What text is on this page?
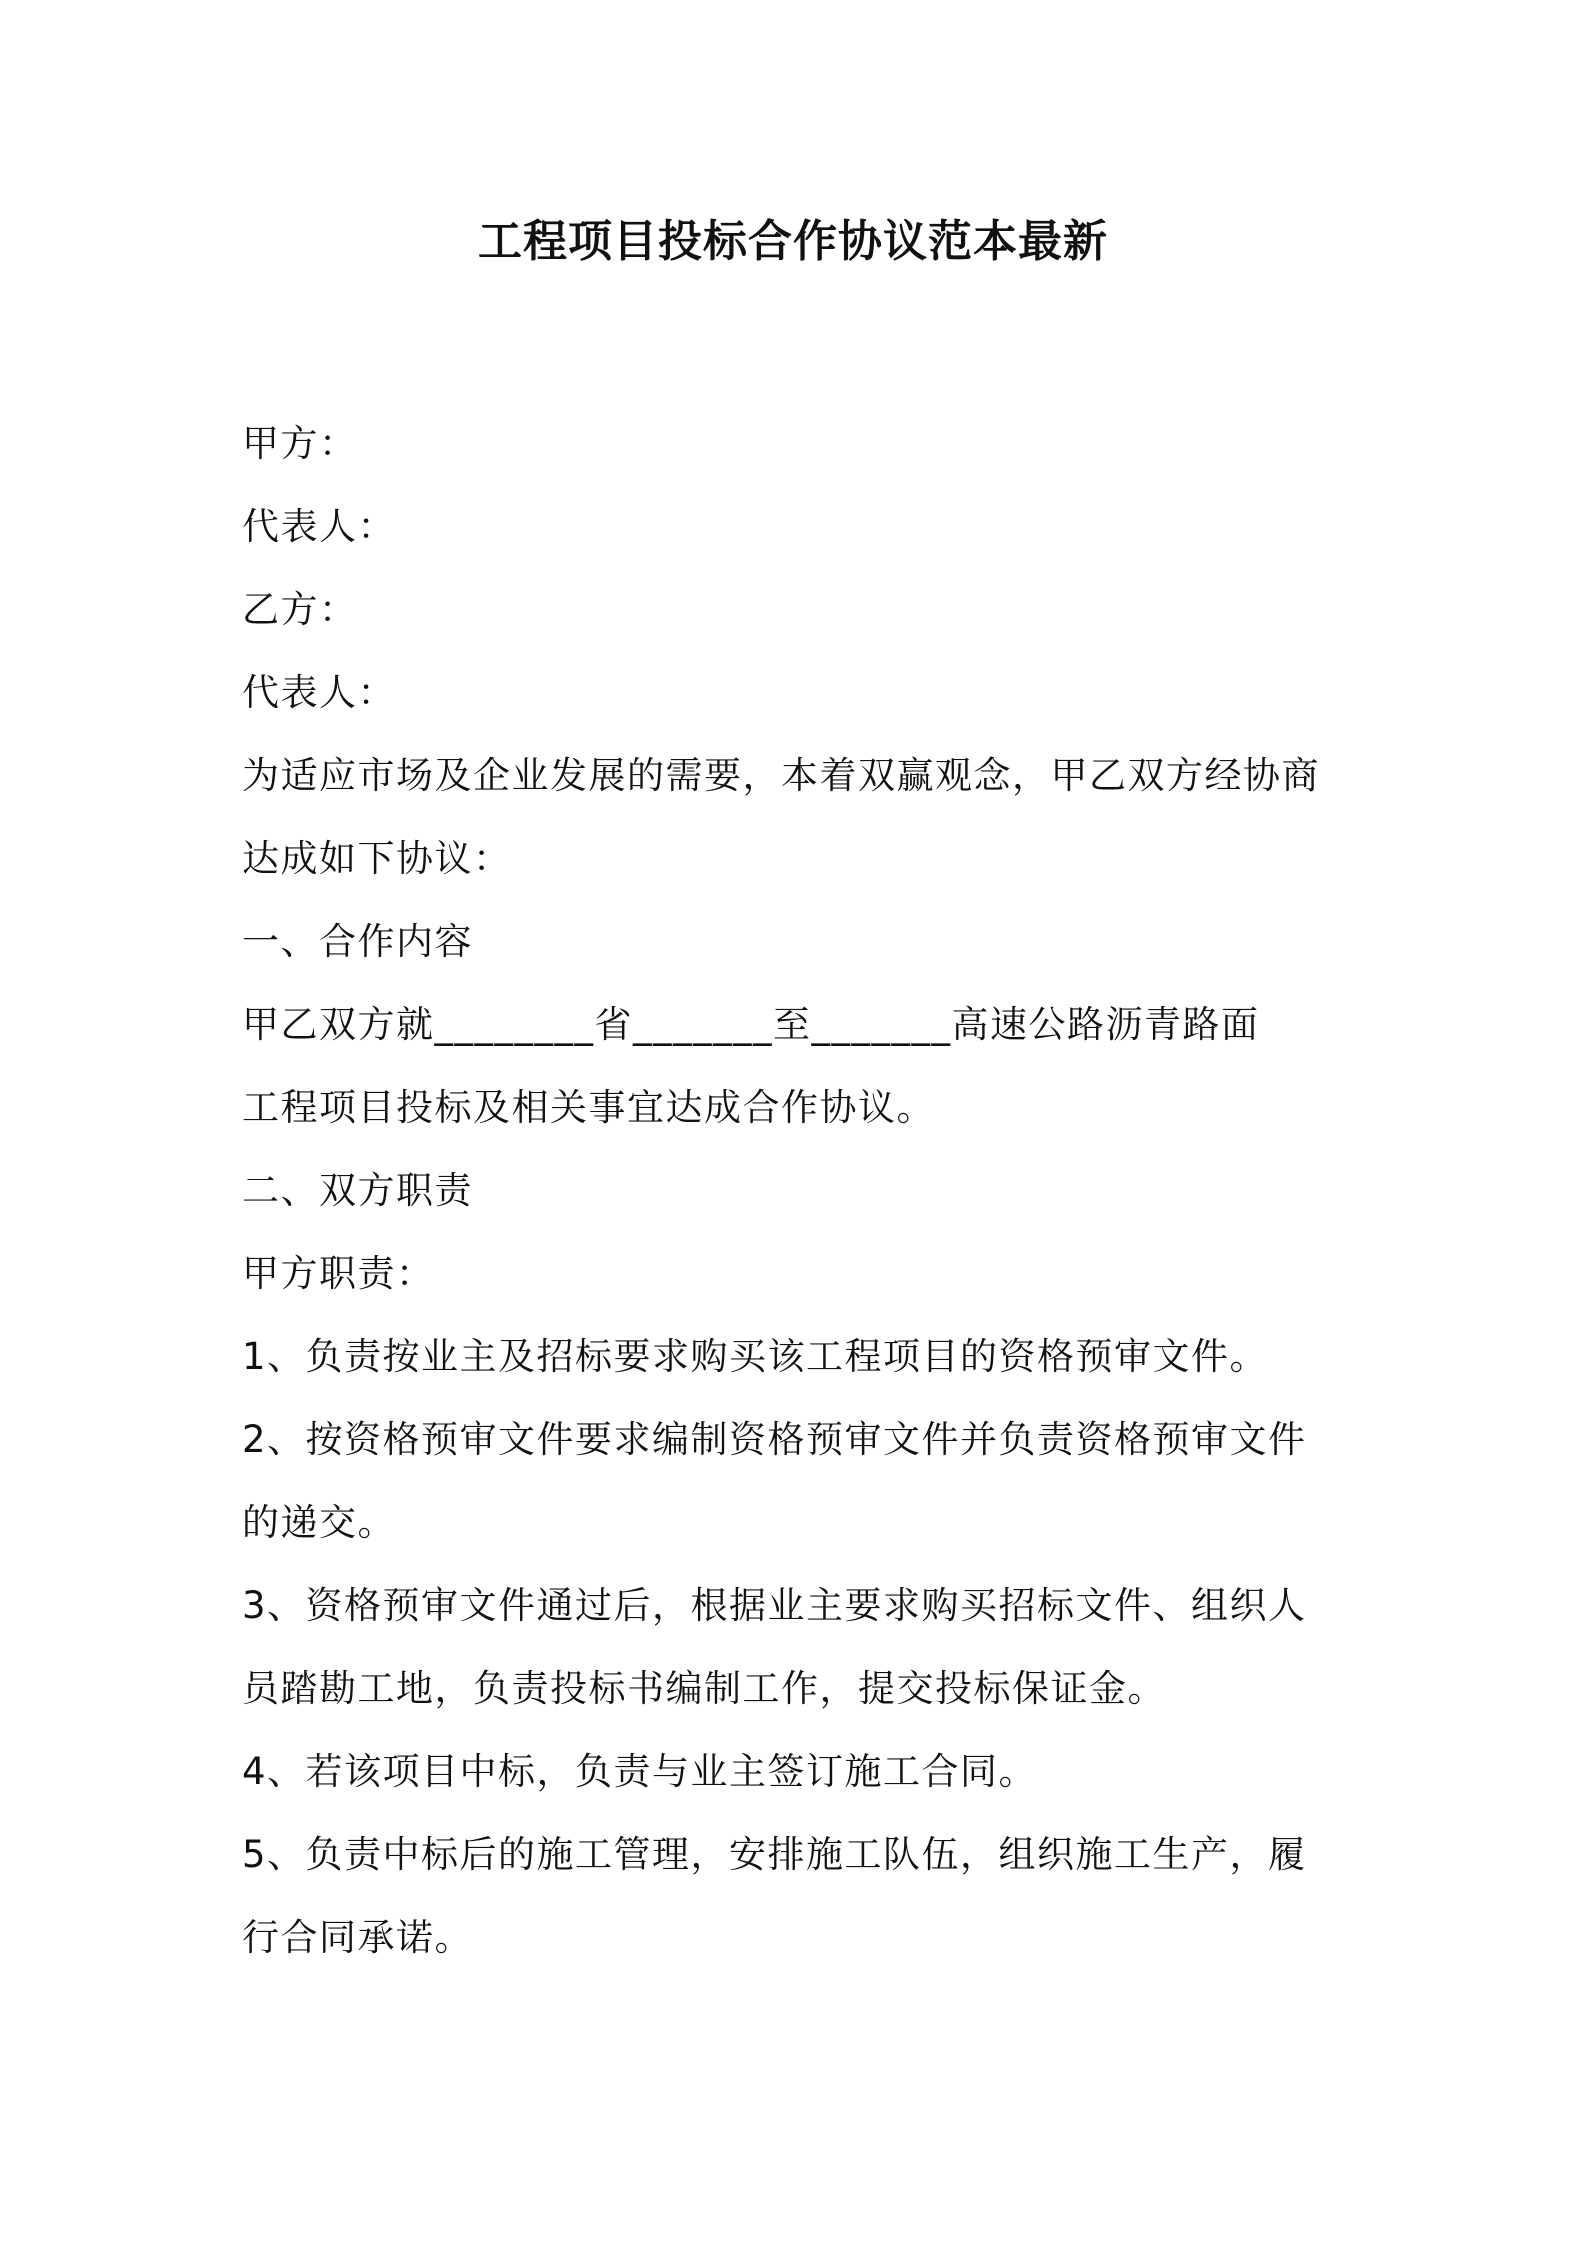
工程项目投标合作协议范本最新
甲方：
代表人：
乙方：
代表人：
为适应市场及企业发展的需要，本着双赢观念，甲乙双方经协商
达成如下协议：
一、合作内容
甲乙双方就________省_______至_______高速公路沥青路面
工程项目投标及相关事宜达成合作协议。
二、双方职责
甲方职责：
1、负责按业主及招标要求购买该工程项目的资格预审文件。
2、按资格预审文件要求编制资格预审文件并负责资格预审文件
的递交。
3、资格预审文件通过后，根据业主要求购买招标文件、组织人
员踏勘工地，负责投标书编制工作，提交投标保证金。
4、若该项目中标，负责与业主签订施工合同。
5、负责中标后的施工管理，安排施工队伍，组织施工生产，履
行合同承诺。
